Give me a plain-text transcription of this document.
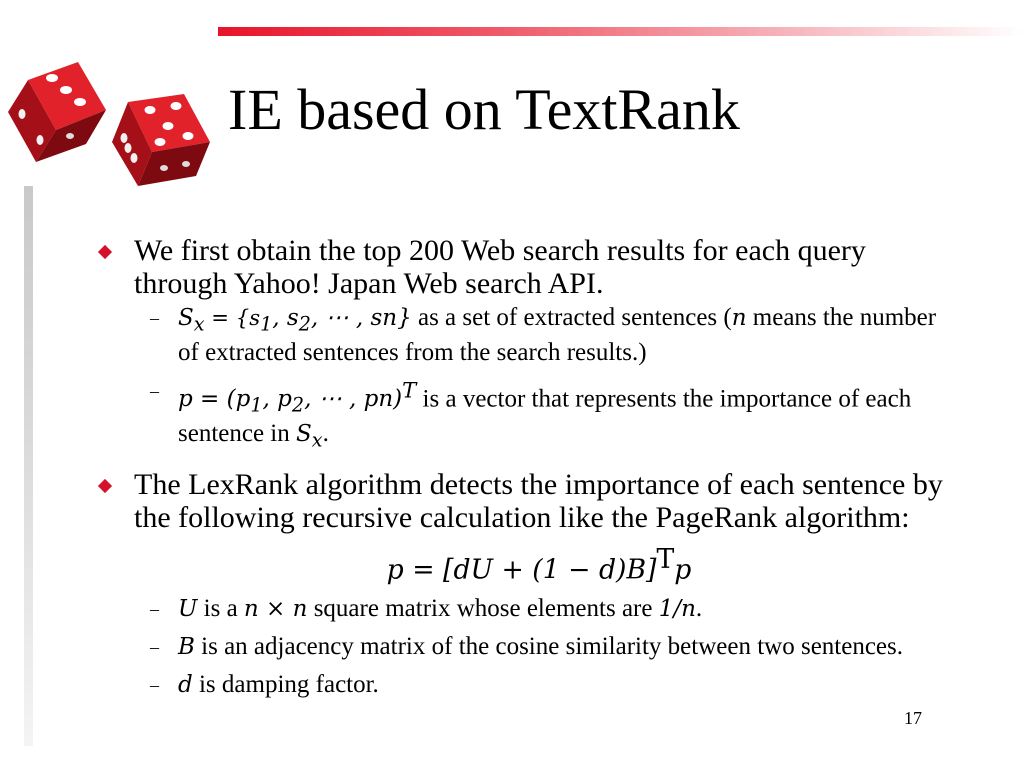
IE based on TextRank
We first obtain the top 200 Web search results for each query through Yahoo! Japan Web search API.
– $S_x = \{s_1$, $s_2$, ⋯ , sn} as a set of extracted sentences (n means the number of extracted sentences from the search results.)
– $p = (p_1$, $p_2$, ⋯ , pn)$^T$ is a vector that represents the importance of each sentence in $S_x$.
The LexRank algorithm detects the importance of each sentence by the following recursive calculation like the PageRank algorithm:
p = [dU + (1 − d)B]$^T$p
– U is a n × n square matrix whose elements are 1/n.
– B is an adjacency matrix of the cosine similarity between two sentences.
– d is damping factor.
17
